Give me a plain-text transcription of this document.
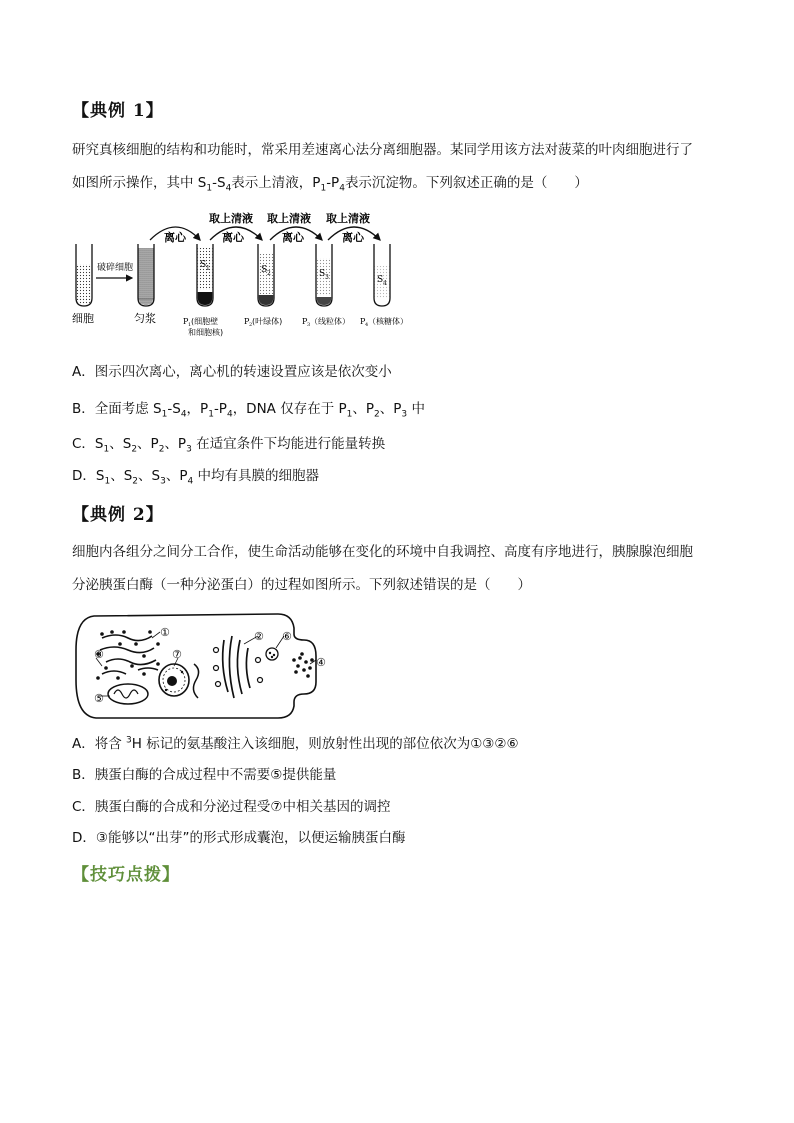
【典例 1】
研究真核细胞的结构和功能时，常采用差速离心法分离细胞器。某同学用该方法对菠菜的叶肉细胞进行了
如图所示操作，其中 $S_1-S_4$表示上清液，$P_1-P_4$表示沉淀物。下列叙述正确的是（　　）
破碎细胞
离心
S 1
取上清液
离心
S 2
取上清液
离心
S 3
取上清液
离心
S 4
细胞	匀浆	P 1 (细胞壁
和细胞核)
P 2 (叶绿体) P 3 （线粒体） P 4 （核糖体）
A．图示四次离心，离心机的转速设置应该是依次变小
B．全面考虑 $S_1-S_4$，$P_1-P_4$，DNA 仅存在于 $P_1$、$P_2$、$P_3$ 中
C．$S_1$、$S_2$、$P_2$、$P_3$ 在适宜条件下均能进行能量转换
D．$S_1$、$S_2$、$S_3$、$P_4$ 中均有具膜的细胞器
【典例 2】
细胞内各组分之间分工合作，使生命活动能够在变化的环境中自我调控、高度有序地进行，胰腺腺泡细胞
分泌胰蛋白酶（一种分泌蛋白）的过程如图所示。下列叙述错误的是（　　）
①	②
③
④
⑤
⑥
⑦
A．将含 $^3$H 标记的氨基酸注入该细胞，则放射性出现的部位依次为①③②⑥
B．胰蛋白酶的合成过程中不需要⑤提供能量
C．胰蛋白酶的合成和分泌过程受⑦中相关基因的调控
D．③能够以“出芽”的形式形成囊泡，以便运输胰蛋白酶
【技巧点拨】
